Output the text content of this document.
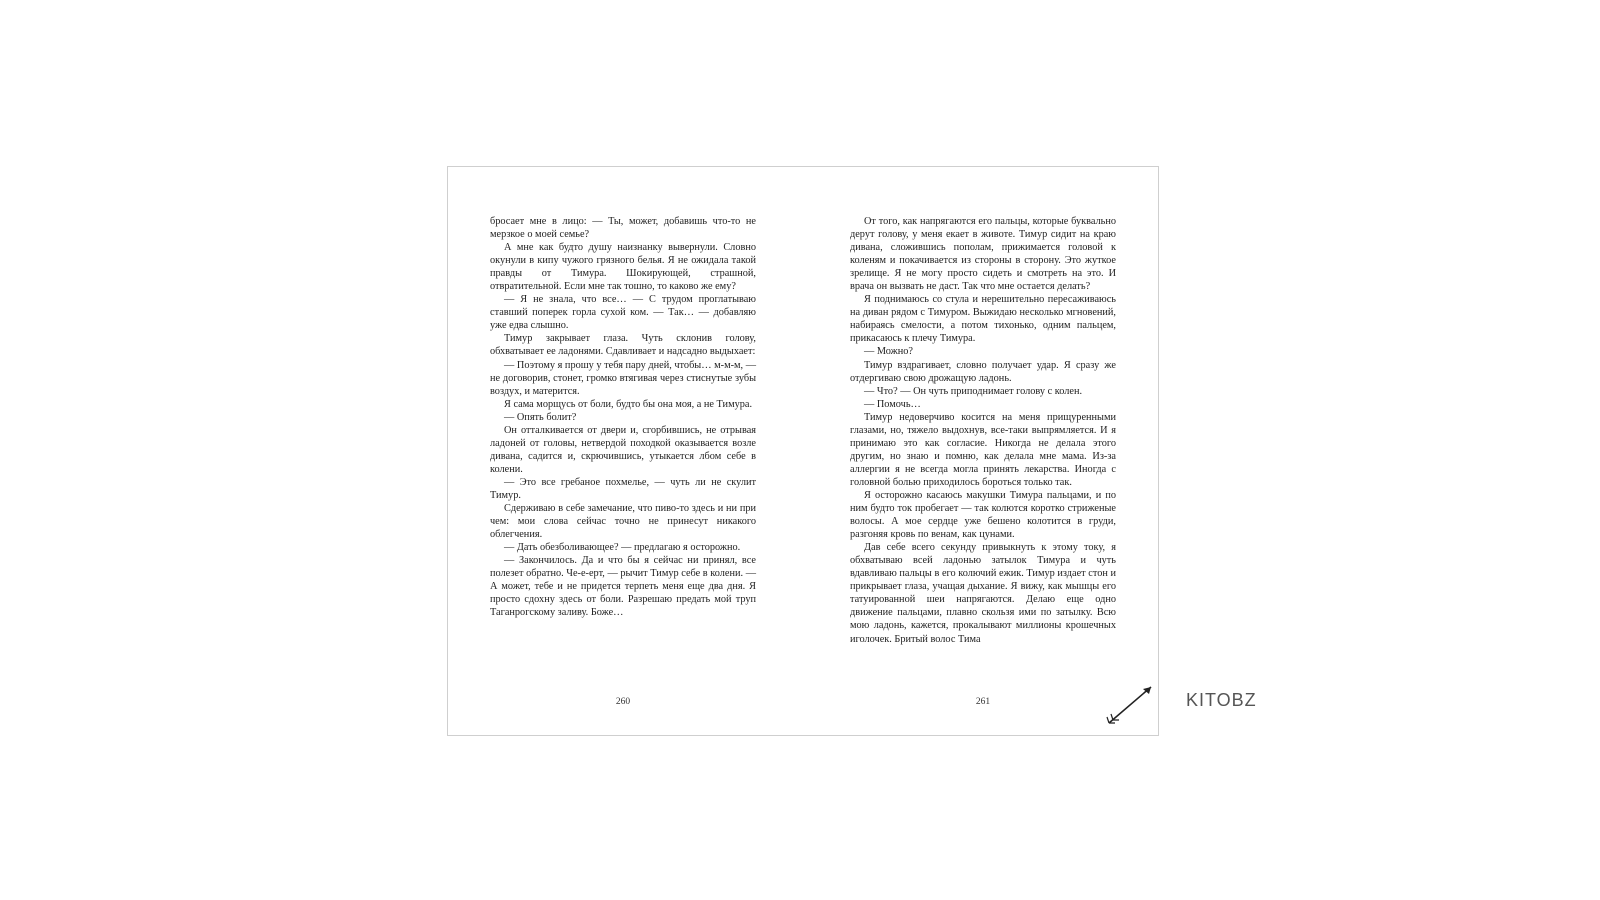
бросает мне в лицо: — Ты, может, добавишь что-то не мерзкое о моей семье?

А мне как будто душу наизнанку вывернули. Словно окунули в кипу чужого грязного белья. Я не ожидала такой правды от Тимура. Шокирующей, страшной, отвратительной. Если мне так тошно, то каково же ему?

— Я не знала, что все… — С трудом проглатываю ставший поперек горла сухой ком. — Так… — добавляю уже едва слышно.

Тимур закрывает глаза. Чуть склонив голову, обхватывает ее ладонями. Сдавливает и надсадно выдыхает:

— Поэтому я прошу у тебя пару дней, чтобы… м-м-м, — не договорив, стонет, громко втягивая через стиснутые зубы воздух, и матерится.

Я сама морщусь от боли, будто бы она моя, а не Тимура.

— Опять болит?

Он отталкивается от двери и, сгорбившись, не отрывая ладоней от головы, нетвердой походкой оказывается возле дивана, садится и, скрючившись, утыкается лбом себе в колени.

— Это все гребаное похмелье, — чуть ли не скулит Тимур.

Сдерживаю в себе замечание, что пиво-то здесь и ни при чем: мои слова сейчас точно не принесут никакого облегчения.

— Дать обезболивающее? — предлагаю я осторожно.

— Закончилось. Да и что бы я сейчас ни принял, все полезет обратно. Че-е-ерт, — рычит Тимур себе в колени. — А может, тебе и не придется терпеть меня еще два дня. Я просто сдохну здесь от боли. Разрешаю предать мой труп Таганрогскому заливу. Боже…

260

От того, как напрягаются его пальцы, которые буквально дерут голову, у меня екает в животе. Тимур сидит на краю дивана, сложившись пополам, прижимается головой к коленям и покачивается из стороны в сторону. Это жуткое зрелище. Я не могу просто сидеть и смотреть на это. И врача он вызвать не даст. Так что мне остается делать?

Я поднимаюсь со стула и нерешительно пересаживаюсь на диван рядом с Тимуром. Выжидаю несколько мгновений, набираясь смелости, а потом тихонько, одним пальцем, прикасаюсь к плечу Тимура.

— Можно?

Тимур вздрагивает, словно получает удар. Я сразу же отдергиваю свою дрожащую ладонь.

— Что? — Он чуть приподнимает голову с колен.

— Помочь…

Тимур недоверчиво косится на меня прищуренными глазами, но, тяжело выдохнув, все-таки выпрямляется. И я принимаю это как согласие. Никогда не делала этого другим, но знаю и помню, как делала мне мама. Из-за аллергии я не всегда могла принять лекарства. Иногда с головной болью приходилось бороться только так.

Я осторожно касаюсь макушки Тимура пальцами, и по ним будто ток пробегает — так колются коротко стриженые волосы. А мое сердце уже бешено колотится в груди, разгоняя кровь по венам, как цунами.

Дав себе всего секунду привыкнуть к этому току, я обхватываю всей ладонью затылок Тимура и чуть вдавливаю пальцы в его колючий ежик. Тимур издает стон и прикрывает глаза, учащая дыхание. Я вижу, как мышцы его татуированной шеи напрягаются. Делаю еще одно движение пальцами, плавно скользя ими по затылку. Всю мою ладонь, кажется, прокалывают миллионы крошечных иголочек. Бритый волос Тима

261	KITOBZ
